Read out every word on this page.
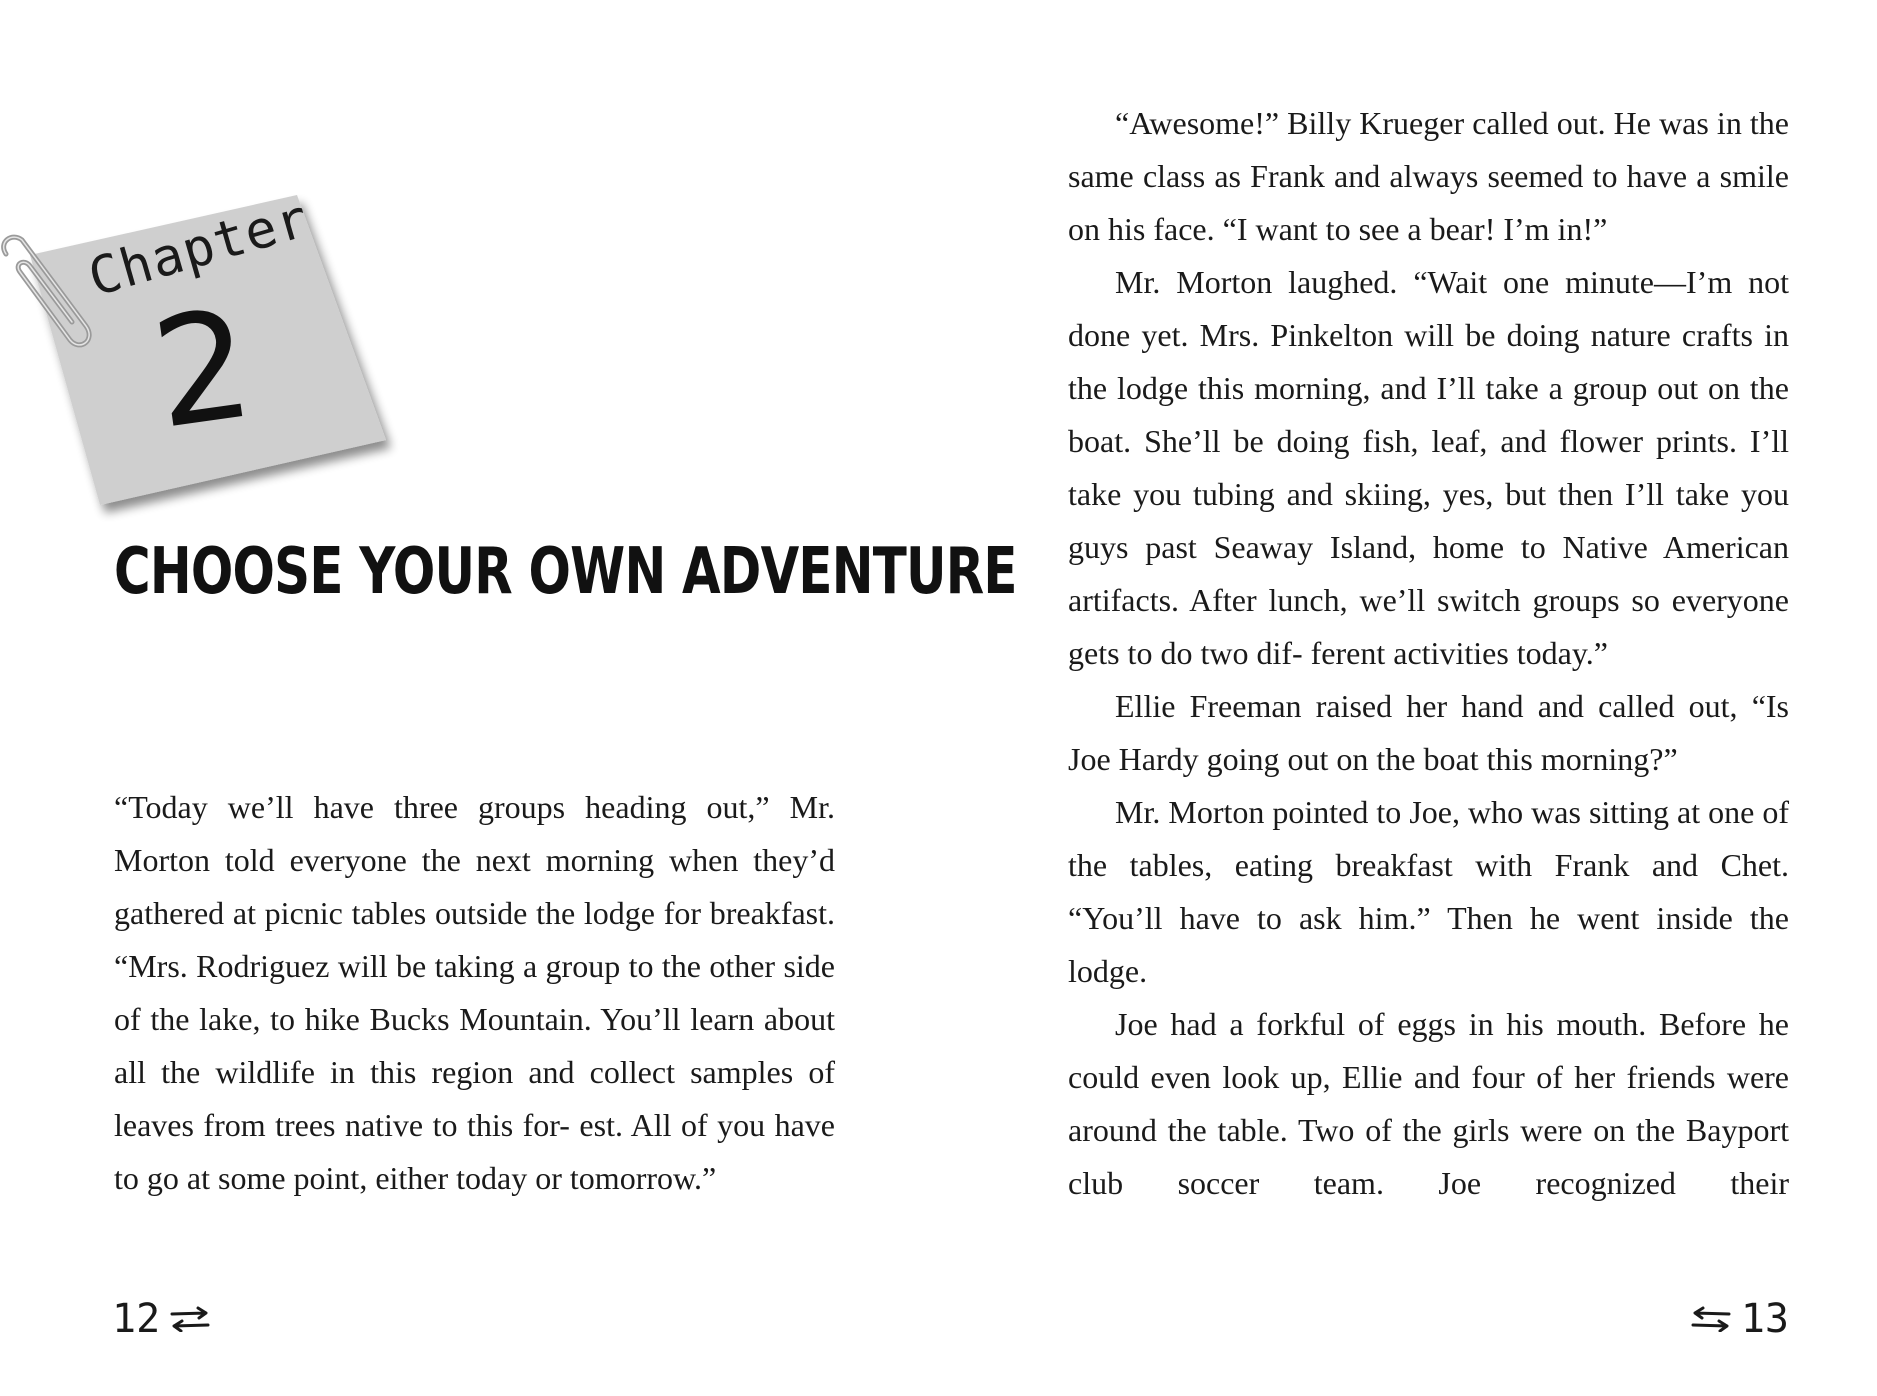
Chapter
2
CHOOSE YOUR OWN ADVENTURE

“Today we’ll have three groups heading out,” Mr. Morton told everyone the next morning when they’d gathered at picnic tables outside the lodge for breakfast. “Mrs. Rodriguez will be taking a group to the other side of the lake, to hike Bucks Mountain. You’ll learn about all the wildlife in this region and collect samples of leaves from trees native to this for- est. All of you have to go at some point, either today or tomorrow.”

12

“Awesome!” Billy Krueger called out. He was in the same class as Frank and always seemed to have a smile on his face. “I want to see a bear! I’m in!”

Mr. Morton laughed. “Wait one minute—I’m not done yet. Mrs. Pinkelton will be doing nature crafts in the lodge this morning, and I’ll take a group out on the boat. She’ll be doing fish, leaf, and flower prints. I’ll take you tubing and skiing, yes, but then I’ll take you guys past Seaway Island, home to Native American artifacts. After lunch, we’ll switch groups so everyone gets to do two dif- ferent activities today.”

Ellie Freeman raised her hand and called out, “Is Joe Hardy going out on the boat this morning?”

Mr. Morton pointed to Joe, who was sitting at one of the tables, eating breakfast with Frank and Chet. “You’ll have to ask him.” Then he went inside the lodge.

Joe had a forkful of eggs in his mouth. Before he could even look up, Ellie and four of her friends were around the table. Two of the girls were on the Bayport club soccer team. Joe recognized their

13
